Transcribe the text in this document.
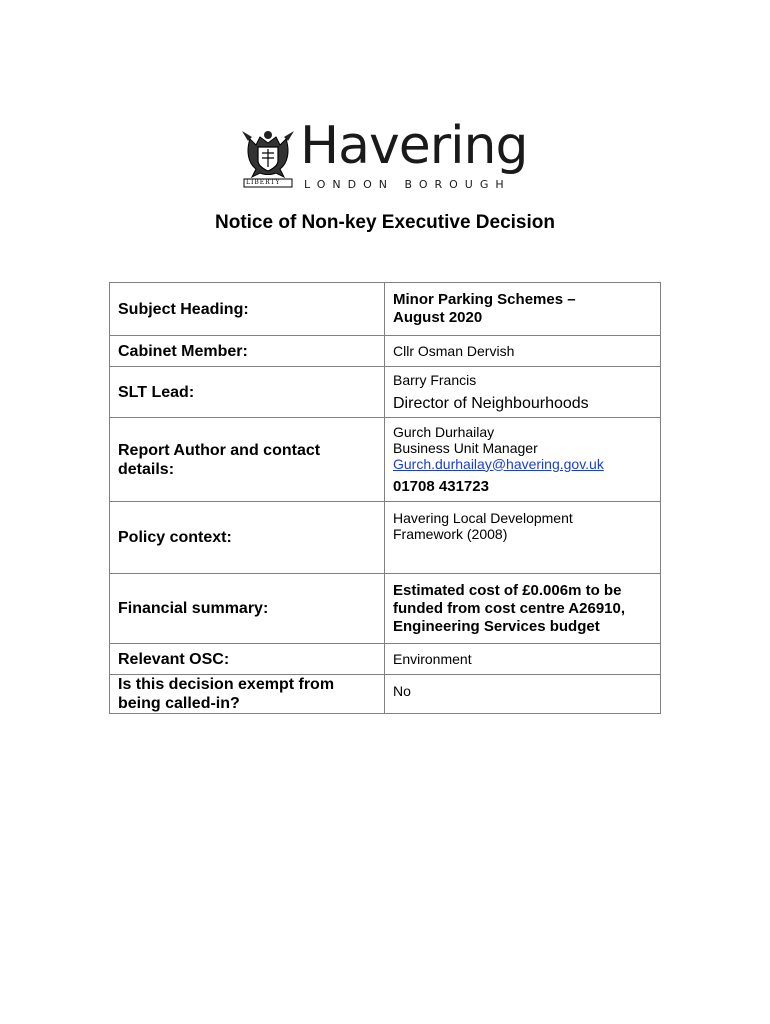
LIBERTY
Havering
LONDON BOROUGH
Notice of Non-key Executive Decision
Subject Heading:	Minor Parking Schemes –
August 2020

Cabinet Member:	Cllr Osman Dervish
SLT Lead:	Barry Francis
Director of Neighbourhoods

Report Author and contact details:	Gurch Durhailay
Business Unit Manager
Gurch.durhailay@havering.gov.uk
01708 431723

Policy context:	Havering Local Development
Framework (2008)

Financial summary:	Estimated cost of £0.006m to be
funded from cost centre A26910,
Engineering Services budget

Relevant OSC:	Environment
Is this decision exempt from being called-in?	No
